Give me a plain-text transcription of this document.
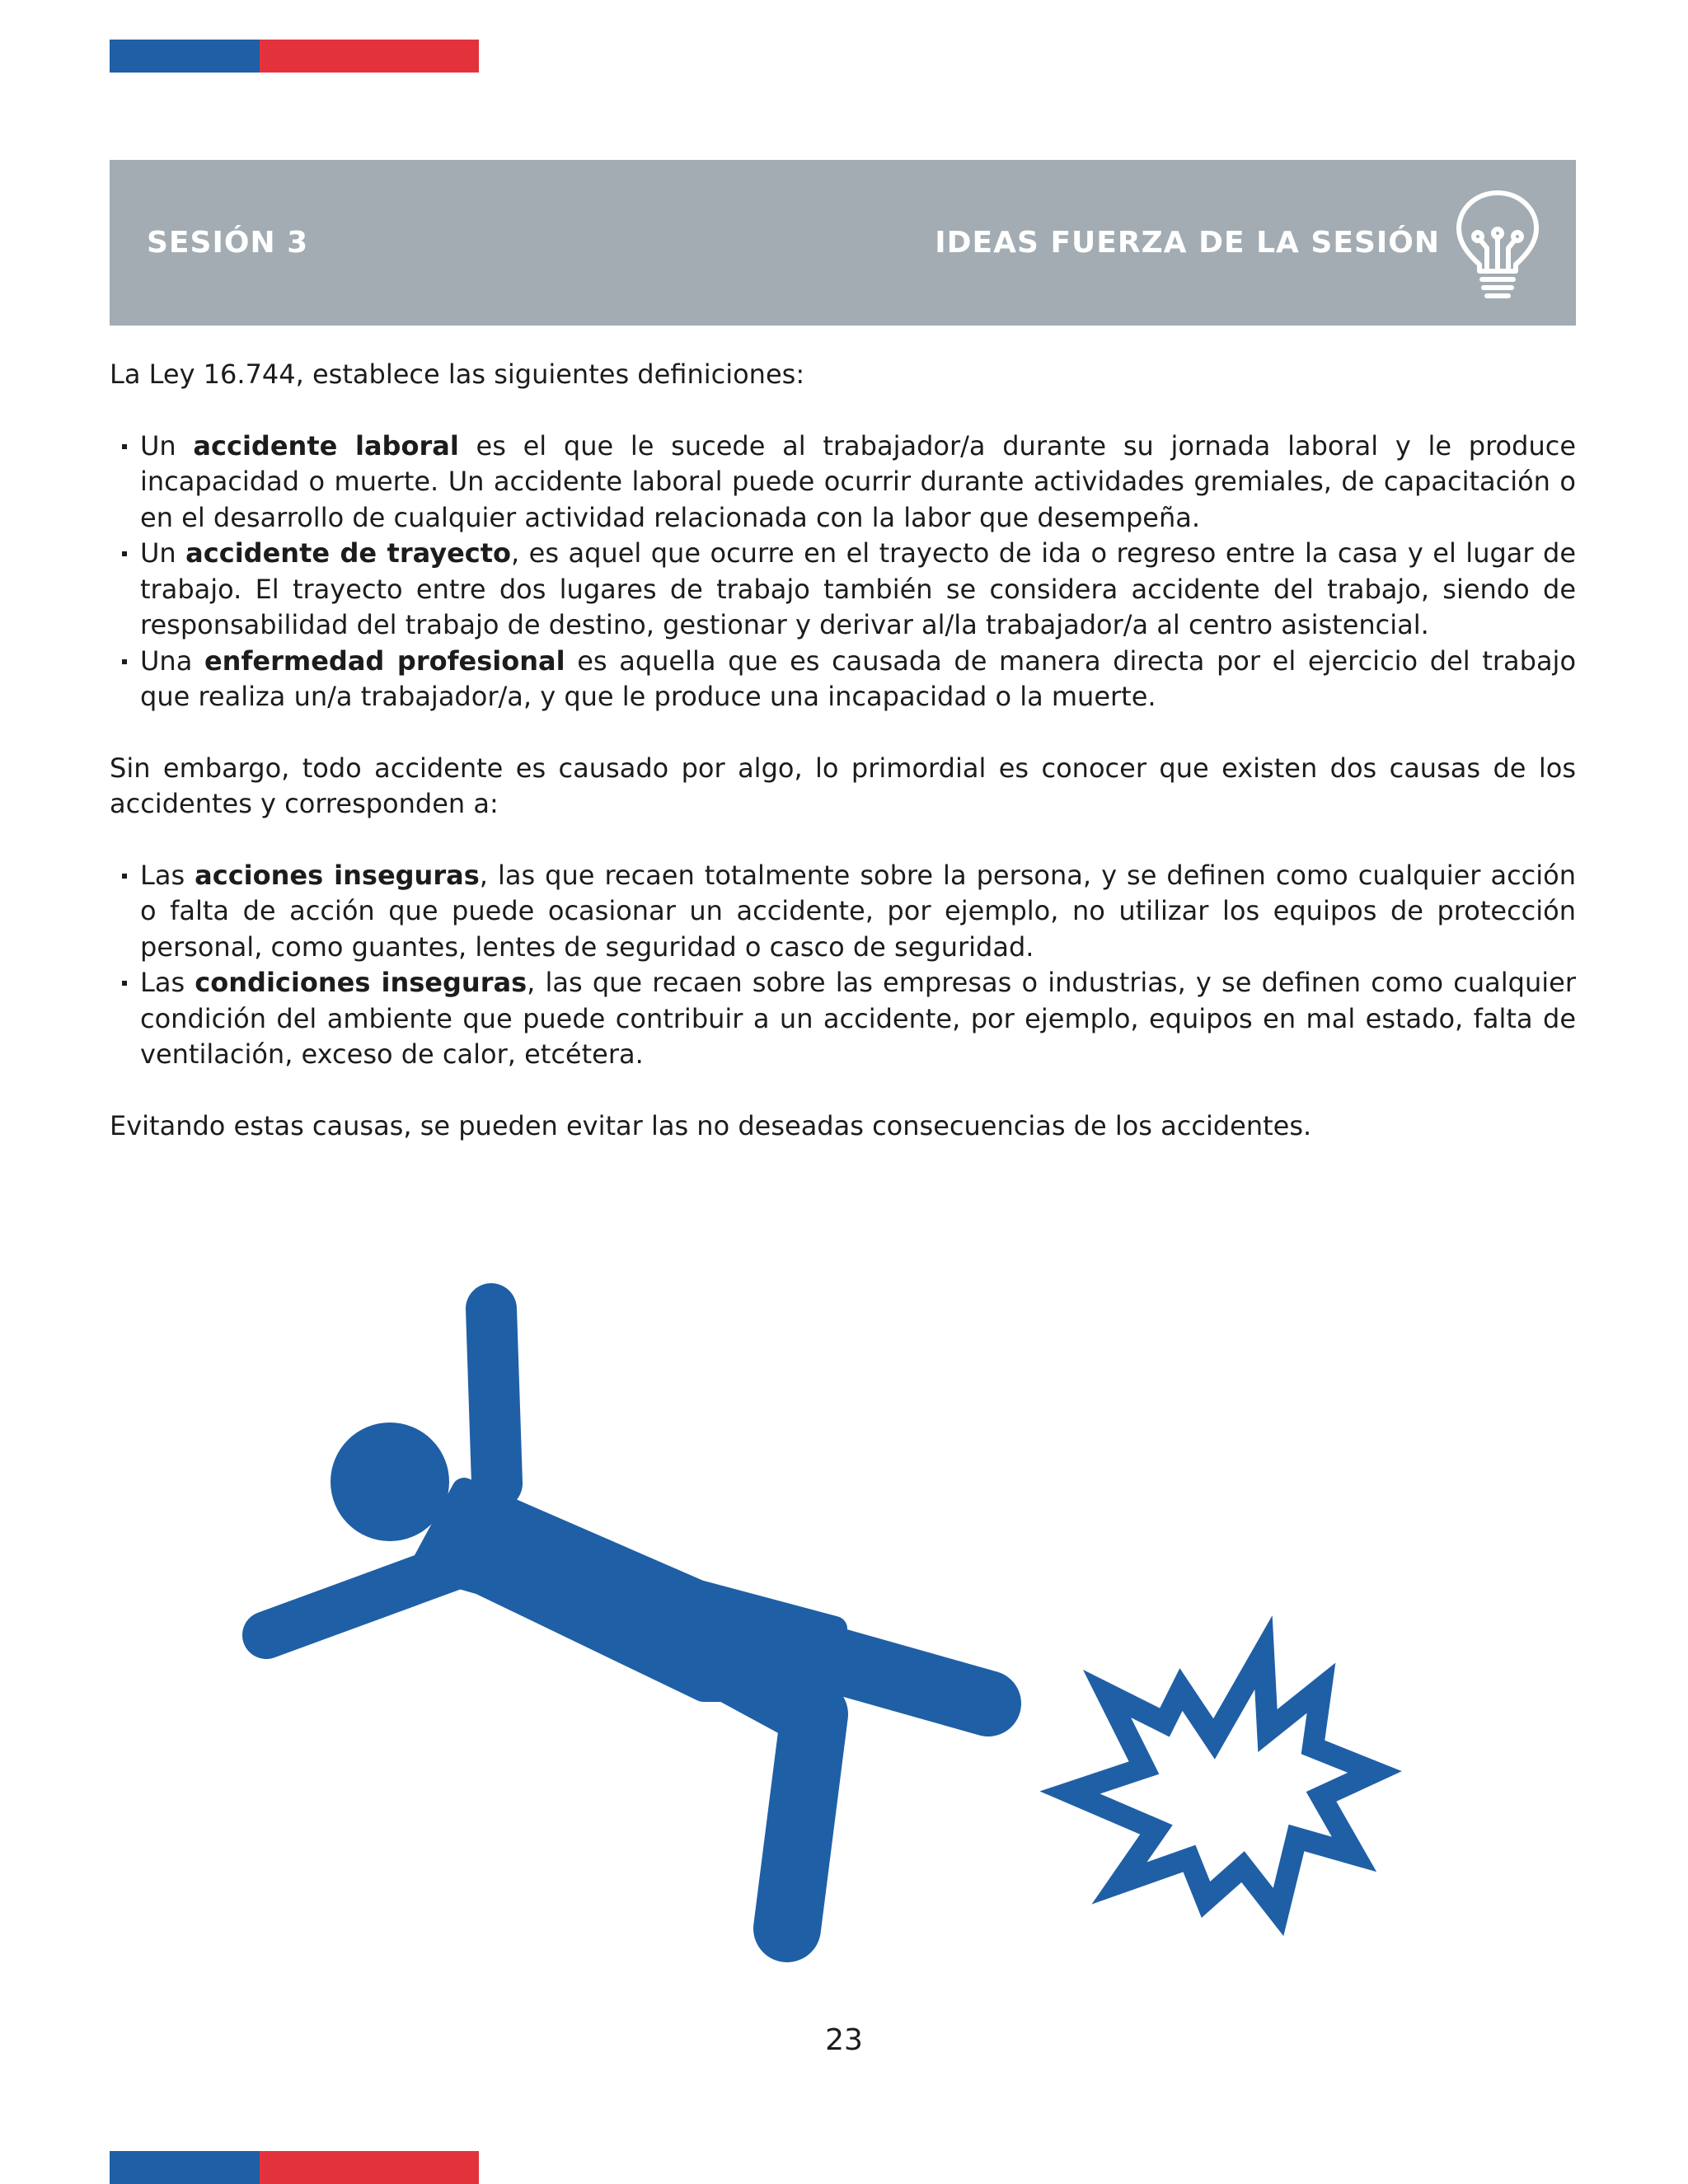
SESIÓN 3	IDEAS FUERZA DE LA SESIÓN

La Ley 16.744, establece las siguientes definiciones:

Un accidente laboral es el que le sucede al trabajador/a durante su jornada laboral y le produce incapacidad o muerte. Un accidente laboral puede ocurrir durante actividades gremiales, de capacitación o en el desarrollo de cualquier actividad relacionada con la labor que desempeña.
Un accidente de trayecto, es aquel que ocurre en el trayecto de ida o regreso entre la casa y el lugar de trabajo. El trayecto entre dos lugares de trabajo también se considera accidente del trabajo, siendo de responsabilidad del trabajo de destino, gestionar y derivar al/la trabajador/a al centro asistencial.
Una enfermedad profesional es aquella que es causada de manera directa por el ejercicio del trabajo que realiza un/a trabajador/a, y que le produce una incapacidad o la muerte.

Sin embargo, todo accidente es causado por algo, lo primordial es conocer que existen dos causas de los accidentes y corresponden a:

Las acciones inseguras, las que recaen totalmente sobre la persona, y se definen como cualquier acción o falta de acción que puede ocasionar un accidente, por ejemplo, no utilizar los equipos de protección personal, como guantes, lentes de seguridad o casco de seguridad.
Las condiciones inseguras, las que recaen sobre las empresas o industrias, y se definen como cualquier condición del ambiente que puede contribuir a un accidente, por ejemplo, equipos en mal estado, falta de ventilación, exceso de calor, etcétera.

Evitando estas causas, se pueden evitar las no deseadas consecuencias de los accidentes.

23
